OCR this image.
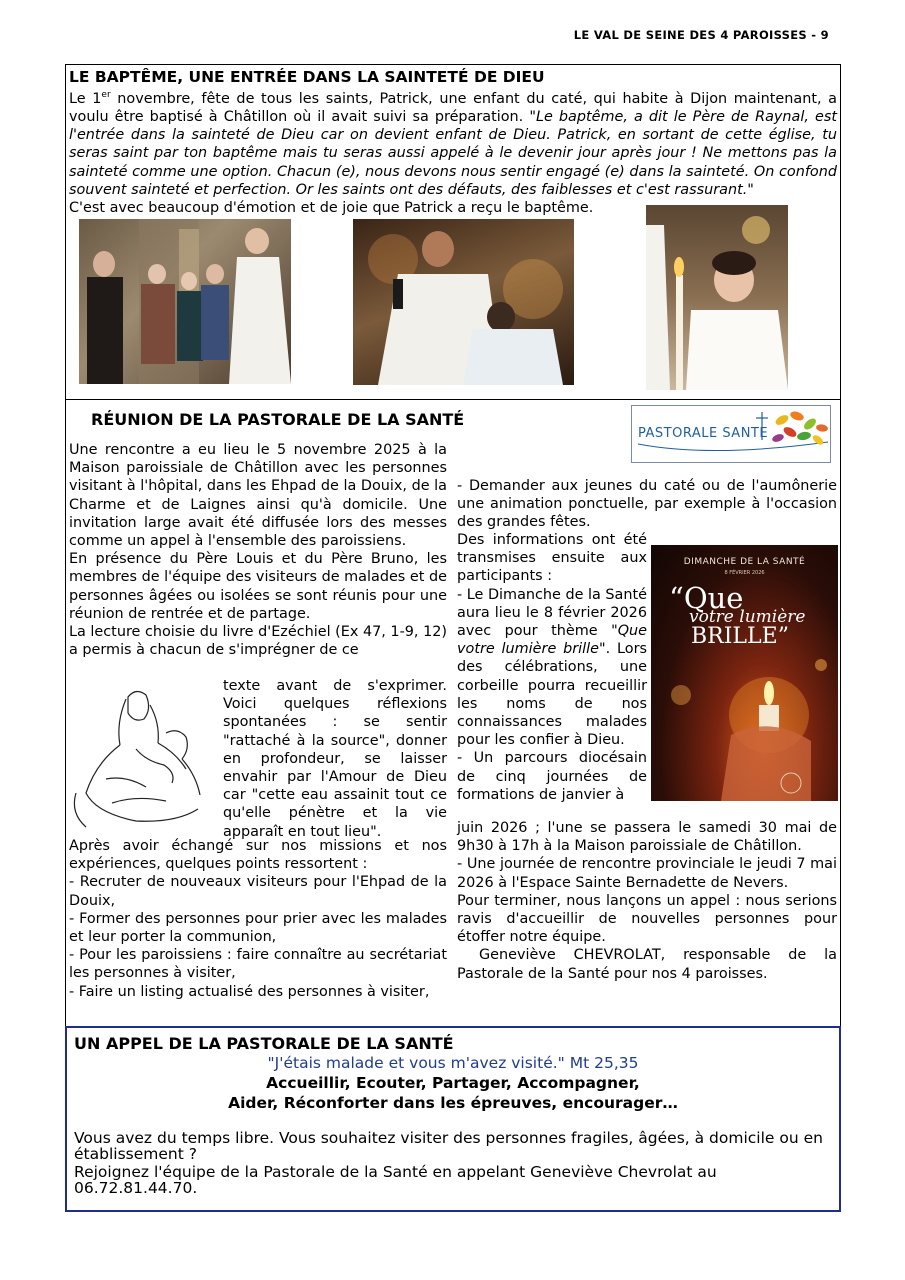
LE VAL DE SEINE DES 4 PAROISSES - 9
LE BAPTÊME, UNE ENTRÉE DANS LA SAINTETÉ DE DIEU

Le 1er novembre, fête de tous les saints, Patrick, une enfant du caté, qui habite à Dijon maintenant, a voulu être baptisé à Châtillon où il avait suivi sa préparation. "Le baptême, a dit le Père de Raynal, est l'entrée dans la sainteté de Dieu car on devient enfant de Dieu. Patrick, en sortant de cette église, tu seras saint par ton baptême mais tu seras aussi appelé à le devenir jour après jour ! Ne mettons pas la sainteté comme une option. Chacun (e), nous devons nous sentir engagé (e) dans la sainteté. On confond souvent sainteté et perfection. Or les saints ont des défauts, des faiblesses et c'est rassurant."

C'est avec beaucoup d'émotion et de joie que Patrick a reçu le baptême.

RÉUNION DE LA PASTORALE DE LA SANTÉ
PASTORALE SANTE
DIMANCHE DE LA SANTÉ
8 FÉVRIER 2026
“Que
votre lumière
BRILLE”

Une rencontre a eu lieu le 5 novembre 2025 à la Maison paroissiale de Châtillon avec les personnes visitant à l'hôpital, dans les Ehpad de la Douix, de la Charme et de Laignes ainsi qu'à domicile. Une invitation large avait été diffusée lors des messes comme un appel à l'ensemble des paroissiens.

En présence du Père Louis et du Père Bruno, les membres de l'équipe des visiteurs de malades et de personnes âgées ou isolées se sont réunis pour une réunion de rentrée et de partage.

La lecture choisie du livre d'Ezéchiel (Ex 47, 1-9, 12) a permis à chacun de s'imprégner de ce

texte avant de s'exprimer. Voici quelques réflexions spontanées : se sentir "rattaché à la source", donner en profondeur, se laisser envahir par l'Amour de Dieu car "cette eau assainit tout ce qu'elle pénètre et la vie apparaît en tout lieu".

Après avoir échangé sur nos missions et nos expériences, quelques points ressortent :

- Recruter de nouveaux visiteurs pour l'Ehpad de la Douix,

- Former des personnes pour prier avec les malades et leur porter la communion,

- Pour les paroissiens : faire connaître au secrétariat les personnes à visiter,

- Faire un listing actualisé des personnes à visiter,

- Demander aux jeunes du caté ou de l'aumônerie une animation ponctuelle, par exemple à l'occasion des grandes fêtes.

Des informations ont été transmises ensuite aux participants :

- Le Dimanche de la Santé aura lieu le 8 février 2026 avec pour thème "Que votre lumière brille". Lors des célébrations, une corbeille pourra recueillir les noms de nos connaissances malades pour les confier à Dieu.

- Un parcours diocésain de cinq journées de formations de janvier à

juin 2026 ; l'une se passera le samedi 30 mai de 9h30 à 17h à la Maison paroissiale de Châtillon.

- Une journée de rencontre provinciale le jeudi 7 mai 2026 à l'Espace Sainte Bernadette de Nevers.

Pour terminer, nous lançons un appel : nous serions ravis d'accueillir de nouvelles personnes pour étoffer notre équipe.

Geneviève CHEVROLAT, responsable de la Pastorale de la Santé pour nos 4 paroisses.

UN APPEL DE LA PASTORALE DE LA SANTÉ

"J'étais malade et vous m'avez visité." Mt 25,35

Accueillir, Ecouter, Partager, Accompagner,

Aider, Réconforter dans les épreuves, encourager…

Vous avez du temps libre. Vous souhaitez visiter des personnes fragiles, âgées, à domicile ou en établissement ?

Rejoignez l'équipe de la Pastorale de la Santé en appelant Geneviève Chevrolat au 06.72.81.44.70.
